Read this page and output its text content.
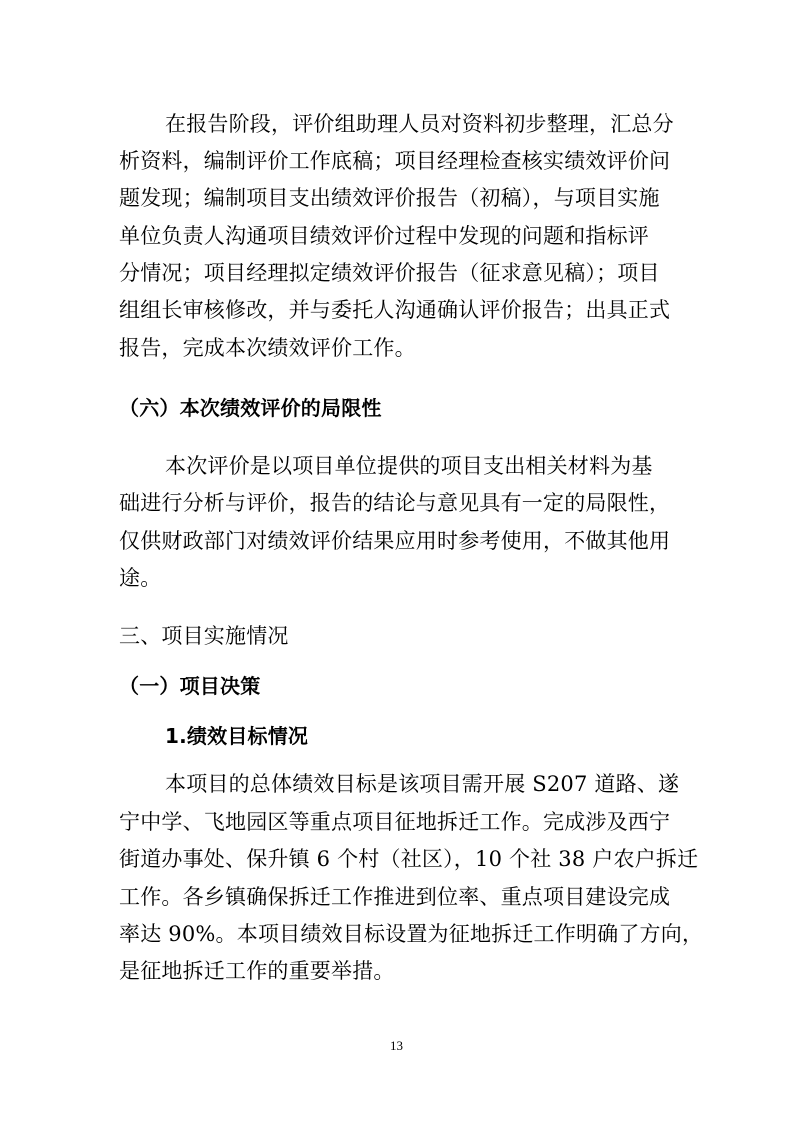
在报告阶段，评价组助理人员对资料初步整理，汇总分
析资料，编制评价工作底稿；项目经理检查核实绩效评价问
题发现；编制项目支出绩效评价报告（初稿），与项目实施
单位负责人沟通项目绩效评价过程中发现的问题和指标评
分情况；项目经理拟定绩效评价报告（征求意见稿）；项目
组组长审核修改，并与委托人沟通确认评价报告；出具正式
报告，完成本次绩效评价工作。
（六）本次绩效评价的局限性
本次评价是以项目单位提供的项目支出相关材料为基
础进行分析与评价，报告的结论与意见具有一定的局限性，
仅供财政部门对绩效评价结果应用时参考使用，不做其他用
途。
三、项目实施情况
（一）项目决策
1.绩效目标情况
本项目的总体绩效目标是该项目需开展 S207 道路、遂
宁中学、飞地园区等重点项目征地拆迁工作。完成涉及西宁
街道办事处、保升镇 6 个村（社区），10 个社 38 户农户拆迁
工作。各乡镇确保拆迁工作推进到位率、重点项目建设完成
率达 90%。本项目绩效目标设置为征地拆迁工作明确了方向，
是征地拆迁工作的重要举措。
13
